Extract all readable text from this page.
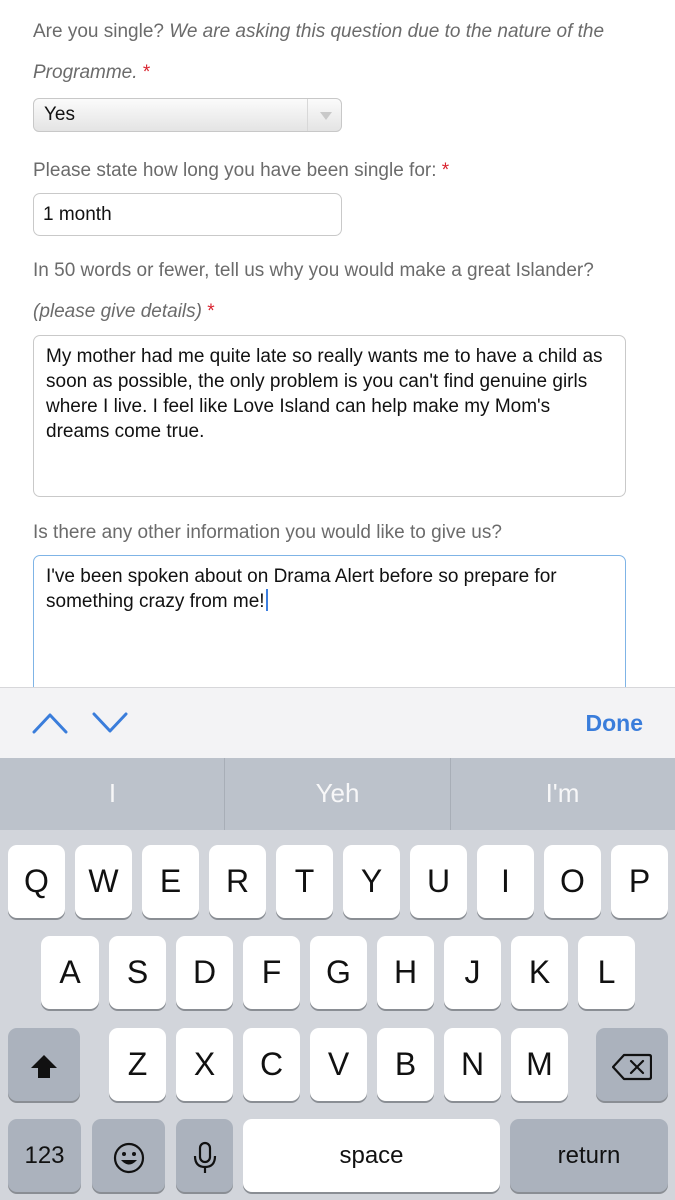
Are you single? We are asking this question due to the nature of the
Programme. *
Yes
Please state how long you have been single for: *
1 month
In 50 words or fewer, tell us why you would make a great Islander?
(please give details) *
My mother had me quite late so really wants me to have a child as soon as possible, the only problem is you can't find genuine girls where I live. I feel like Love Island can help make my Mom's dreams come true.
Is there any other information you would like to give us?
I've been spoken about on Drama Alert before so prepare for something crazy from me!
Done
I	Yeh	I'm
Q	W	E	R	T	Y	U	I	O	P
A	S	D	F	G	H	J	K	L
Z	X	C	V	B	N	M
123	space	return
